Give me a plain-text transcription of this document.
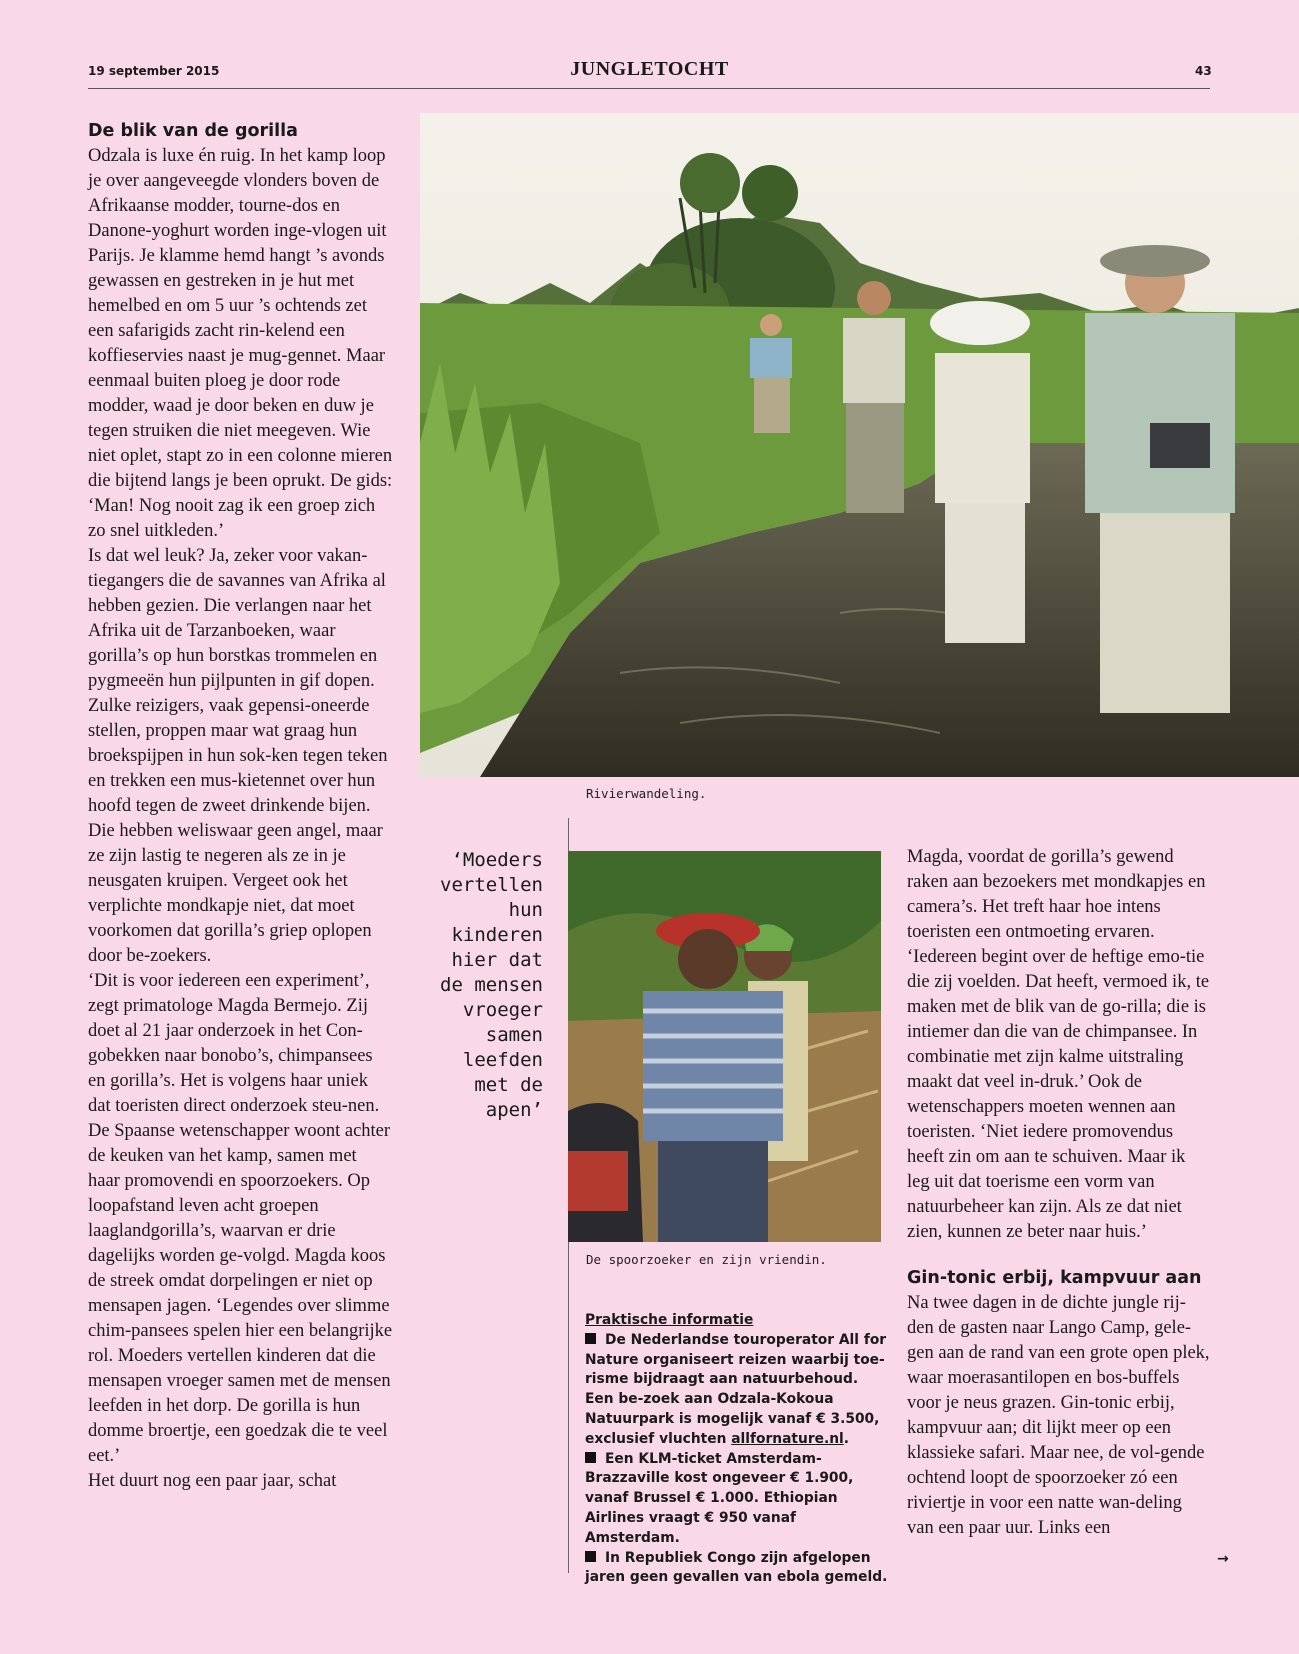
19 september 2015	JUNGLETOCHT	43
De blik van de gorilla

Odzala is luxe én ruig. In het kamp loop je over aangeveegde vlonders boven de Afrikaanse modder, tourne-dos en Danone-yoghurt worden inge-vlogen uit Parijs. Je klamme hemd hangt ’s avonds gewassen en gestreken in je hut met hemelbed en om 5 uur ’s ochtends zet een safarigids zacht rin-kelend een koffieservies naast je mug-gennet. Maar eenmaal buiten ploeg je door rode modder, waad je door beken en duw je tegen struiken die niet meegeven. Wie niet oplet, stapt zo in een colonne mieren die bijtend langs je been oprukt. De gids: ‘Man! Nog nooit zag ik een groep zich zo snel uitkleden.’

Is dat wel leuk? Ja, zeker voor vakan-tiegangers die de savannes van Afrika al hebben gezien. Die verlangen naar het Afrika uit de Tarzanboeken, waar gorilla’s op hun borstkas trommelen en pygmeeën hun pijlpunten in gif dopen. Zulke reizigers, vaak gepensi-oneerde stellen, proppen maar wat graag hun broekspijpen in hun sok-ken tegen teken en trekken een mus-kietennet over hun hoofd tegen de zweet drinkende bijen. Die hebben weliswaar geen angel, maar ze zijn lastig te negeren als ze in je neusgaten kruipen. Vergeet ook het verplichte mondkapje niet, dat moet voorkomen dat gorilla’s griep oplopen door be-zoekers.

‘Dit is voor iedereen een experiment’, zegt primatologe Magda Bermejo. Zij doet al 21 jaar onderzoek in het Con-gobekken naar bonobo’s, chimpansees en gorilla’s. Het is volgens haar uniek dat toeristen direct onderzoek steu-nen. De Spaanse wetenschapper woont achter de keuken van het kamp, samen met haar promovendi en spoorzoekers. Op loopafstand leven acht groepen laaglandgorilla’s, waarvan er drie dagelijks worden ge-volgd. Magda koos de streek omdat dorpelingen er niet op mensapen jagen. ‘Legendes over slimme chim-pansees spelen hier een belangrijke rol. Moeders vertellen kinderen dat die mensapen vroeger samen met de mensen leefden in het dorp. De gorilla is hun domme broertje, een goedzak die te veel eet.’

Het duurt nog een paar jaar, schat

Rivierwandeling.
‘Moeders vertellen hun kinderen hier dat de mensen vroeger samen leefden met de apen’
De spoorzoeker en zijn vriendin.

Praktische informatie

De Nederlandse touroperator All for Nature organiseert reizen waarbij toe-risme bijdraagt aan natuurbehoud. Een be-zoek aan Odzala-Kokoua Natuurpark is mogelijk vanaf € 3.500, exclusief vluchten allfornature.nl.

Een KLM-ticket Amsterdam-Brazzaville kost ongeveer € 1.900, vanaf Brussel € 1.000. Ethiopian Airlines vraagt € 950 vanaf Amsterdam.

In Republiek Congo zijn afgelopen jaren geen gevallen van ebola gemeld.

Magda, voordat de gorilla’s gewend raken aan bezoekers met mondkapjes en camera’s. Het treft haar hoe intens toeristen een ontmoeting ervaren. ‘Iedereen begint over de heftige emo-tie die zij voelden. Dat heeft, vermoed ik, te maken met de blik van de go-rilla; die is intiemer dan die van de chimpansee. In combinatie met zijn kalme uitstraling maakt dat veel in-druk.’ Ook de wetenschappers moeten wennen aan toeristen. ‘Niet iedere promovendus heeft zin om aan te schuiven. Maar ik leg uit dat toerisme een vorm van natuurbeheer kan zijn. Als ze dat niet zien, kunnen ze beter naar huis.’

Gin-tonic erbij, kampvuur aan

Na twee dagen in de dichte jungle rij-den de gasten naar Lango Camp, gele-gen aan de rand van een grote open plek, waar moerasantilopen en bos-buffels voor je neus grazen. Gin-tonic erbij, kampvuur aan; dit lijkt meer op een klassieke safari. Maar nee, de vol-gende ochtend loopt de spoorzoeker zó een riviertje in voor een natte wan-deling van een paar uur. Links een

→
